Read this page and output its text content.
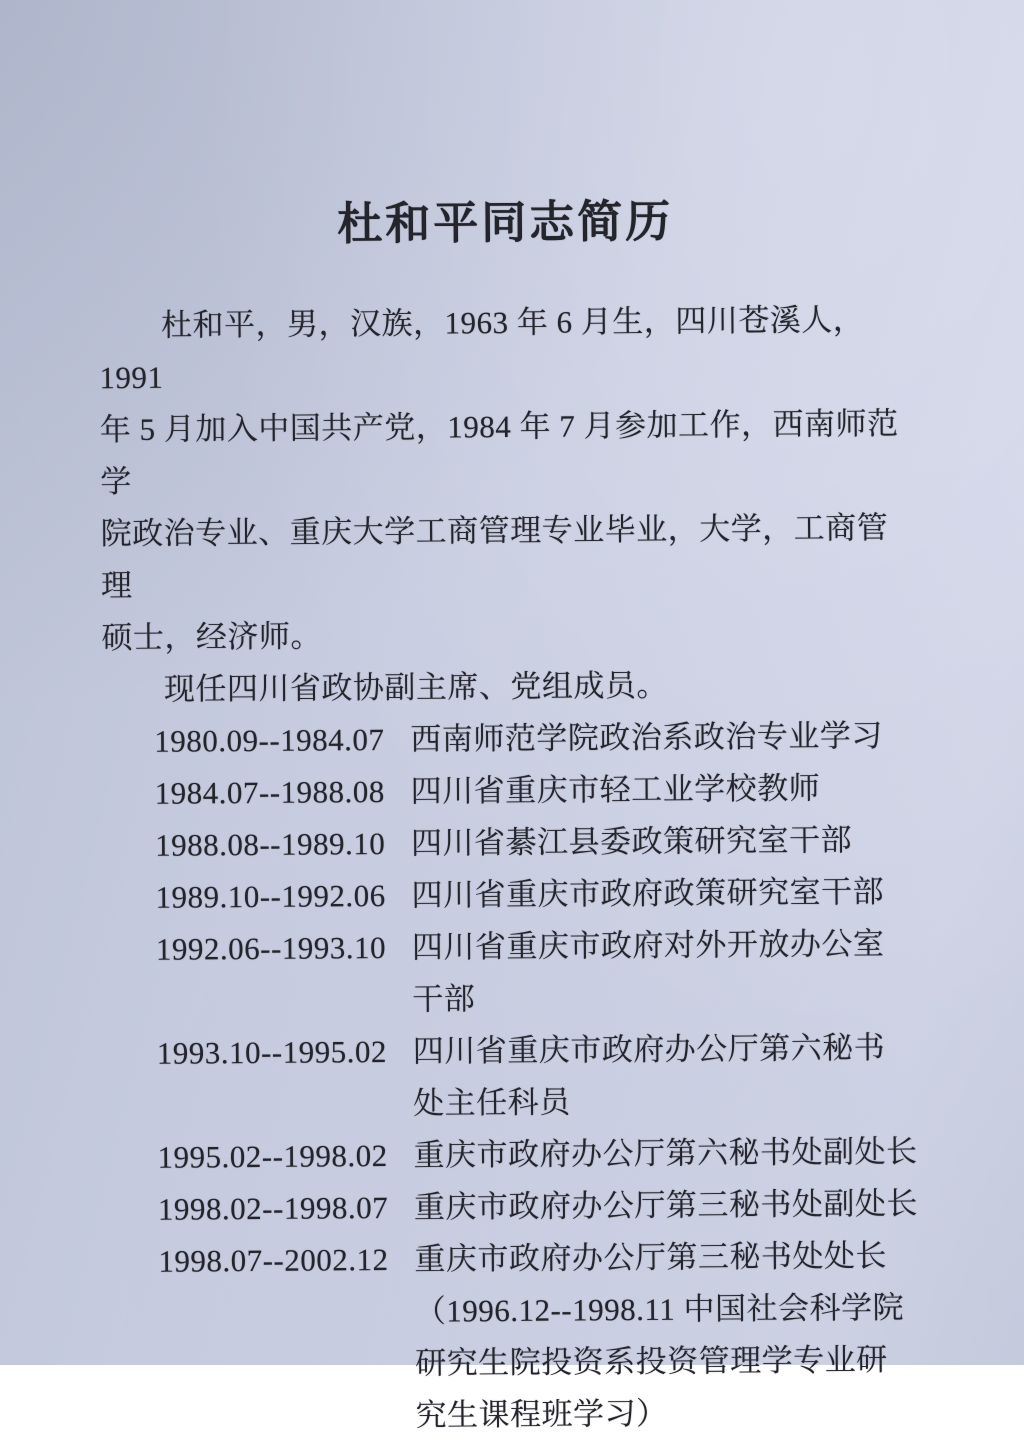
杜和平同志简历

杜和平，男，汉族，1963 年 6 月生，四川苍溪人，1991
年 5 月加入中国共产党，1984 年 7 月参加工作，西南师范学
院政治专业、重庆大学工商管理专业毕业，大学，工商管理
硕士，经济师。

现任四川省政协副主席、党组成员。

1980.09--1984.07 西南师范学院政治系政治专业学习
1984.07--1988.08 四川省重庆市轻工业学校教师
1988.08--1989.10 四川省綦江县委政策研究室干部
1989.10--1992.06 四川省重庆市政府政策研究室干部
1992.06--1993.10 四川省重庆市政府对外开放办公室
干部
1993.10--1995.02 四川省重庆市政府办公厅第六秘书
处主任科员
1995.02--1998.02 重庆市政府办公厅第六秘书处副处长
1998.02--1998.07 重庆市政府办公厅第三秘书处副处长
1998.07--2002.12 重庆市政府办公厅第三秘书处处长
（1996.12--1998.11 中国社会科学院
研究生院投资系投资管理学专业研
究生课程班学习）
